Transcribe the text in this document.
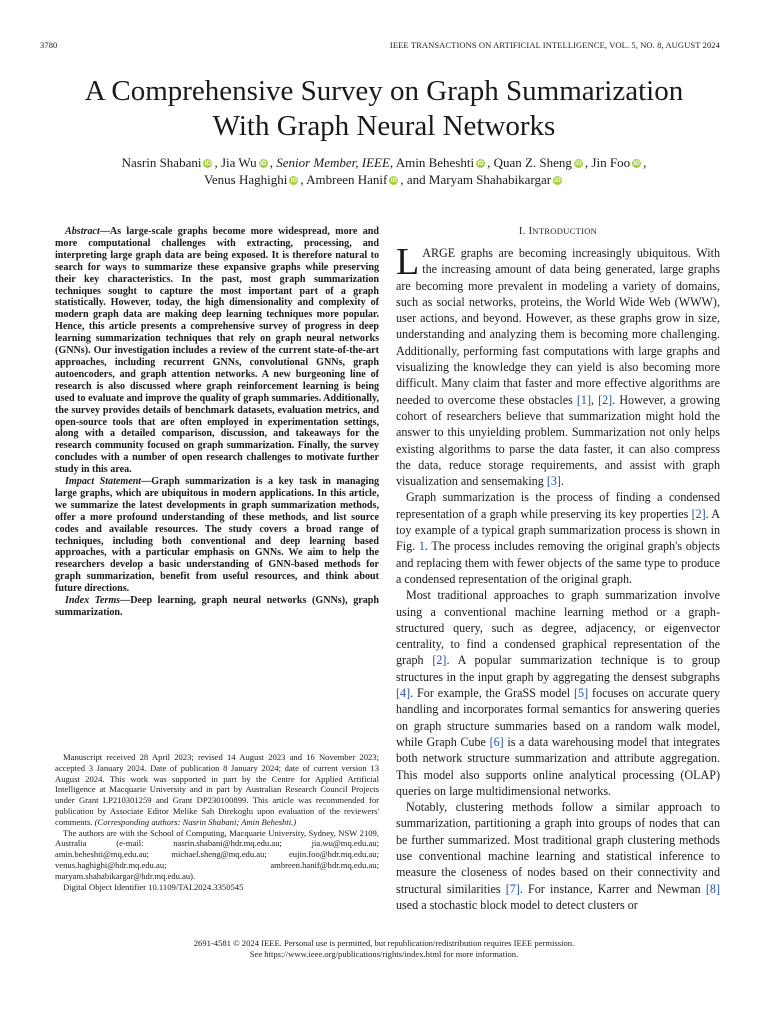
3780	IEEE TRANSACTIONS ON ARTIFICIAL INTELLIGENCE, VOL. 5, NO. 8, AUGUST 2024
A Comprehensive Survey on Graph Summarization
With Graph Neural Networks
Nasrin Shabani iD , Jia Wu iD , Senior Member, IEEE, Amin Beheshti iD , Quan Z. Sheng iD , Jin Foo iD ,
Venus Haghighi iD , Ambreen Hanif iD , and Maryam Shahabikargar iD

Abstract—As large-scale graphs become more widespread, more and more computational challenges with extracting, processing, and interpreting large graph data are being exposed. It is therefore natural to search for ways to summarize these expansive graphs while preserving their key characteristics. In the past, most graph summarization techniques sought to capture the most important part of a graph statistically. However, today, the high dimensionality and complexity of modern graph data are making deep learning techniques more popular. Hence, this article presents a comprehensive survey of progress in deep learning summarization techniques that rely on graph neural networks (GNNs). Our investigation includes a review of the current state-of-the-art approaches, including recurrent GNNs, convolutional GNNs, graph autoencoders, and graph attention networks. A new burgeoning line of research is also discussed where graph reinforcement learning is being used to evaluate and improve the quality of graph summaries. Additionally, the survey provides details of benchmark datasets, evaluation metrics, and open-source tools that are often employed in experimentation settings, along with a detailed comparison, discussion, and takeaways for the research community focused on graph summarization. Finally, the survey concludes with a number of open research challenges to motivate further study in this area.

Impact Statement—Graph summarization is a key task in managing large graphs, which are ubiquitous in modern applications. In this article, we summarize the latest developments in graph summarization methods, offer a more profound understanding of these methods, and list source codes and available resources. The study covers a broad range of techniques, including both conventional and deep learning based approaches, with a particular emphasis on GNNs. We aim to help the researchers develop a basic understanding of GNN-based methods for graph summarization, benefit from useful resources, and think about future directions.

Index Terms—Deep learning, graph neural networks (GNNs), graph summarization.

Manuscript received 28 April 2023; revised 14 August 2023 and 16 November 2023; accepted 3 January 2024. Date of publication 8 January 2024; date of current version 13 August 2024. This work was supported in part by the Centre for Applied Artificial Intelligence at Macquarie University and in part by Australian Research Council Projects under Grant LP210301259 and Grant DP230100899. This article was recommended for publication by Associate Editor Melike Sah Direkoglu upon evaluation of the reviewers' comments. (Corresponding authors: Nasrin Shabani; Amin Beheshti.)

The authors are with the School of Computing, Macquarie University, Sydney, NSW 2109, Australia (e-mail: nasrin.shabani@hdr.mq.edu.au; jia.wu@mq.edu.au; amin.beheshti@mq.edu.au; michael.sheng@mq.edu.au; eujin.foo@hdr.mq.edu.au; venus.haghighi@hdr.mq.edu.au; ambreen.hanif@hdr.mq.edu.au; maryam.shahabikargar@hdr.mq.edu.au).

Digital Object Identifier 10.1109/TAI.2024.3350545

I. INTRODUCTION

LARGE graphs are becoming increasingly ubiquitous. With the increasing amount of data being generated, large graphs are becoming more prevalent in modeling a variety of domains, such as social networks, proteins, the World Wide Web (WWW), user actions, and beyond. However, as these graphs grow in size, understanding and analyzing them is becoming more challenging. Additionally, performing fast computations with large graphs and visualizing the knowledge they can yield is also becoming more difficult. Many claim that faster and more effective algorithms are needed to overcome these obstacles [1], [2]. However, a growing cohort of researchers believe that summarization might hold the answer to this unyielding problem. Summarization not only helps existing algorithms to parse the data faster, it can also compress the data, reduce storage requirements, and assist with graph visualization and sensemaking [3].

Graph summarization is the process of finding a condensed representation of a graph while preserving its key properties [2]. A toy example of a typical graph summarization process is shown in Fig. 1. The process includes removing the original graph's objects and replacing them with fewer objects of the same type to produce a condensed representation of the original graph.

Most traditional approaches to graph summarization involve using a conventional machine learning method or a graph-structured query, such as degree, adjacency, or eigenvector centrality, to find a condensed graphical representation of the graph [2]. A popular summarization technique is to group structures in the input graph by aggregating the densest subgraphs [4]. For example, the GraSS model [5] focuses on accurate query handling and incorporates formal semantics for answering queries on graph structure summaries based on a random walk model, while Graph Cube [6] is a data warehousing model that integrates both network structure summarization and attribute aggregation. This model also supports online analytical processing (OLAP) queries on large multidimensional networks.

Notably, clustering methods follow a similar approach to summarization, partitioning a graph into groups of nodes that can be further summarized. Most traditional graph clustering methods use conventional machine learning and statistical inference to measure the closeness of nodes based on their connectivity and structural similarities [7]. For instance, Karrer and Newman [8] used a stochastic block model to detect clusters or

2691-4581 © 2024 IEEE. Personal use is permitted, but republication/redistribution requires IEEE permission.
See https://www.ieee.org/publications/rights/index.html for more information.
